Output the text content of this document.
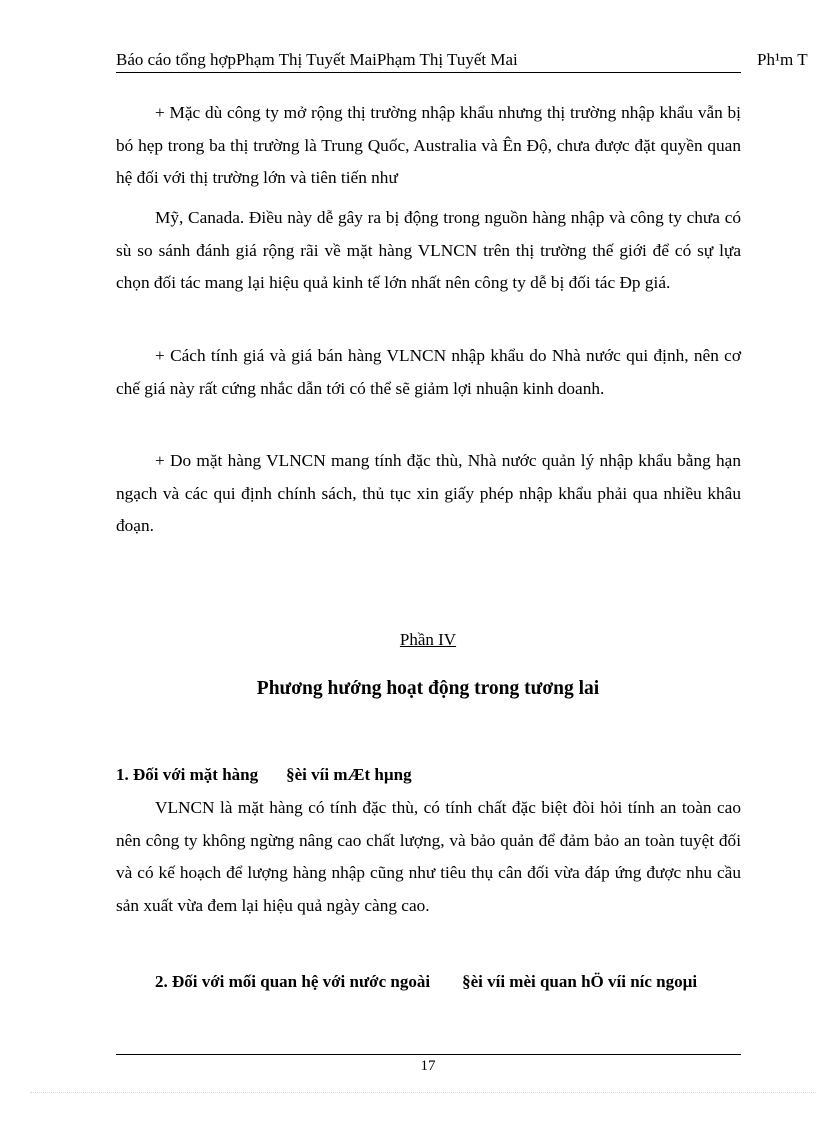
Báo cáo tổng hợpPhạm Thị Tuyết MaiPhạm Thị Tuyết Mai	Ph¹m T

+ Mặc dù công ty mở rộng thị trường nhập khẩu nhưng thị trường nhập khẩu vẫn bị bó hẹp trong ba thị trường là Trung Quốc, Australia và Ên Độ, chưa được đặt quyền quan hệ đối với thị trường lớn và tiên tiến như

Mỹ, Canada. Điều này dễ gây ra bị động trong nguồn hàng nhập và công ty chưa có sù so sánh đánh giá rộng rãi về mặt hàng VLNCN trên thị trường thế giới để có sự lựa chọn đối tác mang lại hiệu quả kinh tế lớn nhất nên công ty dễ bị đối tác Đp giá.

+ Cách tính giá và giá bán hàng VLNCN nhập khẩu do Nhà nước qui định, nên cơ chế giá này rất cứng nhắc dẫn tới có thể sẽ giảm lợi nhuận kinh doanh.

+ Do mặt hàng VLNCN mang tính đặc thù, Nhà nước quản lý nhập khẩu bằng hạn ngạch và các qui định chính sách, thủ tục xin giấy phép nhập khẩu phải qua nhiều khâu đoạn.

Phần IV
Phương hướng hoạt động trong tương lai
1. Đối với mặt hàng §èi víi mÆt hµng

VLNCN là mặt hàng có tính đặc thù, có tính chất đặc biệt đòi hỏi tính an toàn cao nên công ty không ngừng nâng cao chất lượng, và bảo quản để đảm bảo an toàn tuyệt đối và có kế hoạch để lượng hàng nhập cũng như tiêu thụ cân đối vừa đáp ứng được nhu cầu sản xuất vừa đem lại hiệu quả ngày càng cao.

2. Đối với mối quan hệ với nước ngoài §èi víi mèi quan hÖ víi níc ngoµi

17
